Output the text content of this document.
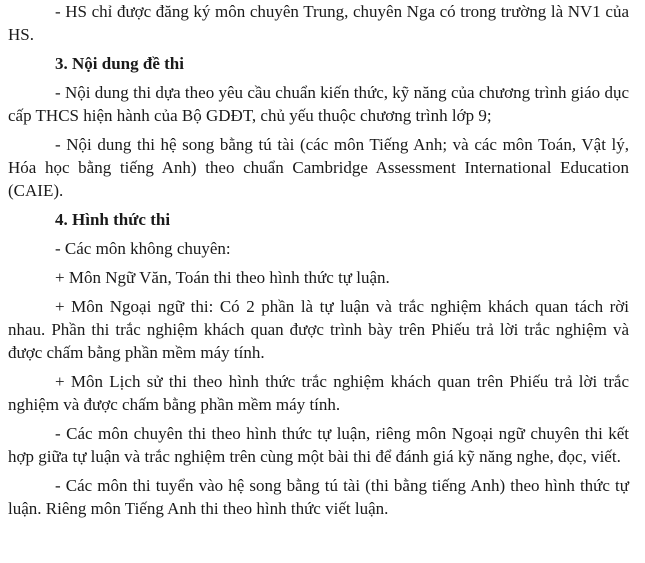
- HS chỉ được đăng ký môn chuyên Trung, chuyên Nga có trong trường là NV1 của HS.

3. Nội dung đề thi

- Nội dung thi dựa theo yêu cầu chuẩn kiến thức, kỹ năng của chương trình giáo dục cấp THCS hiện hành của Bộ GDĐT, chủ yếu thuộc chương trình lớp 9;

- Nội dung thi hệ song bằng tú tài (các môn Tiếng Anh; và các môn Toán, Vật lý, Hóa học bằng tiếng Anh) theo chuẩn Cambridge Assessment International Education (CAIE).

4. Hình thức thi

- Các môn không chuyên:

+ Môn Ngữ Văn, Toán thi theo hình thức tự luận.

+ Môn Ngoại ngữ thi: Có 2 phần là tự luận và trắc nghiệm khách quan tách rời nhau. Phần thi trắc nghiệm khách quan được trình bày trên Phiếu trả lời trắc nghiệm và được chấm bằng phần mềm máy tính.

+ Môn Lịch sử thi theo hình thức trắc nghiệm khách quan trên Phiếu trả lời trắc nghiệm và được chấm bằng phần mềm máy tính.

- Các môn chuyên thi theo hình thức tự luận, riêng môn Ngoại ngữ chuyên thi kết hợp giữa tự luận và trắc nghiệm trên cùng một bài thi để đánh giá kỹ năng nghe, đọc, viết.

- Các môn thi tuyển vào hệ song bằng tú tài (thi bằng tiếng Anh) theo hình thức tự luận. Riêng môn Tiếng Anh thi theo hình thức viết luận.
